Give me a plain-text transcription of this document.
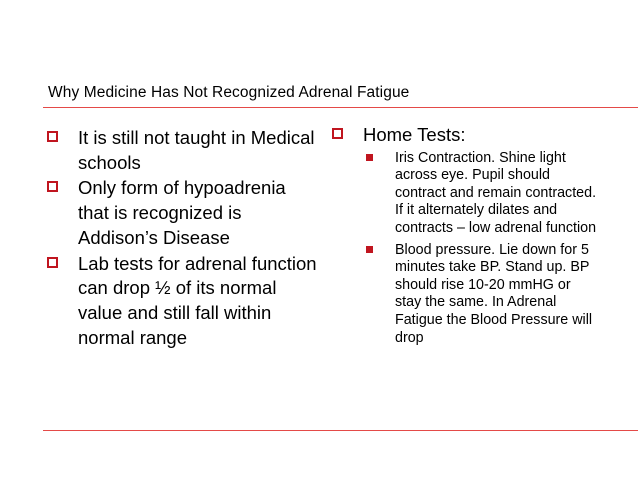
Why Medicine Has Not Recognized Adrenal Fatigue
It is still not taught in Medical schools
Only form of hypoadrenia that is recognized is Addison’s Disease
Lab tests for adrenal function can drop ½ of its normal value and still fall within normal range
Home Tests:
Iris Contraction. Shine light across eye. Pupil should contract and remain contracted. If it alternately dilates and contracts – low adrenal function
Blood pressure. Lie down for 5 minutes take BP. Stand up. BP should rise 10-20 mmHG or stay the same. In Adrenal Fatigue the Blood Pressure will drop
